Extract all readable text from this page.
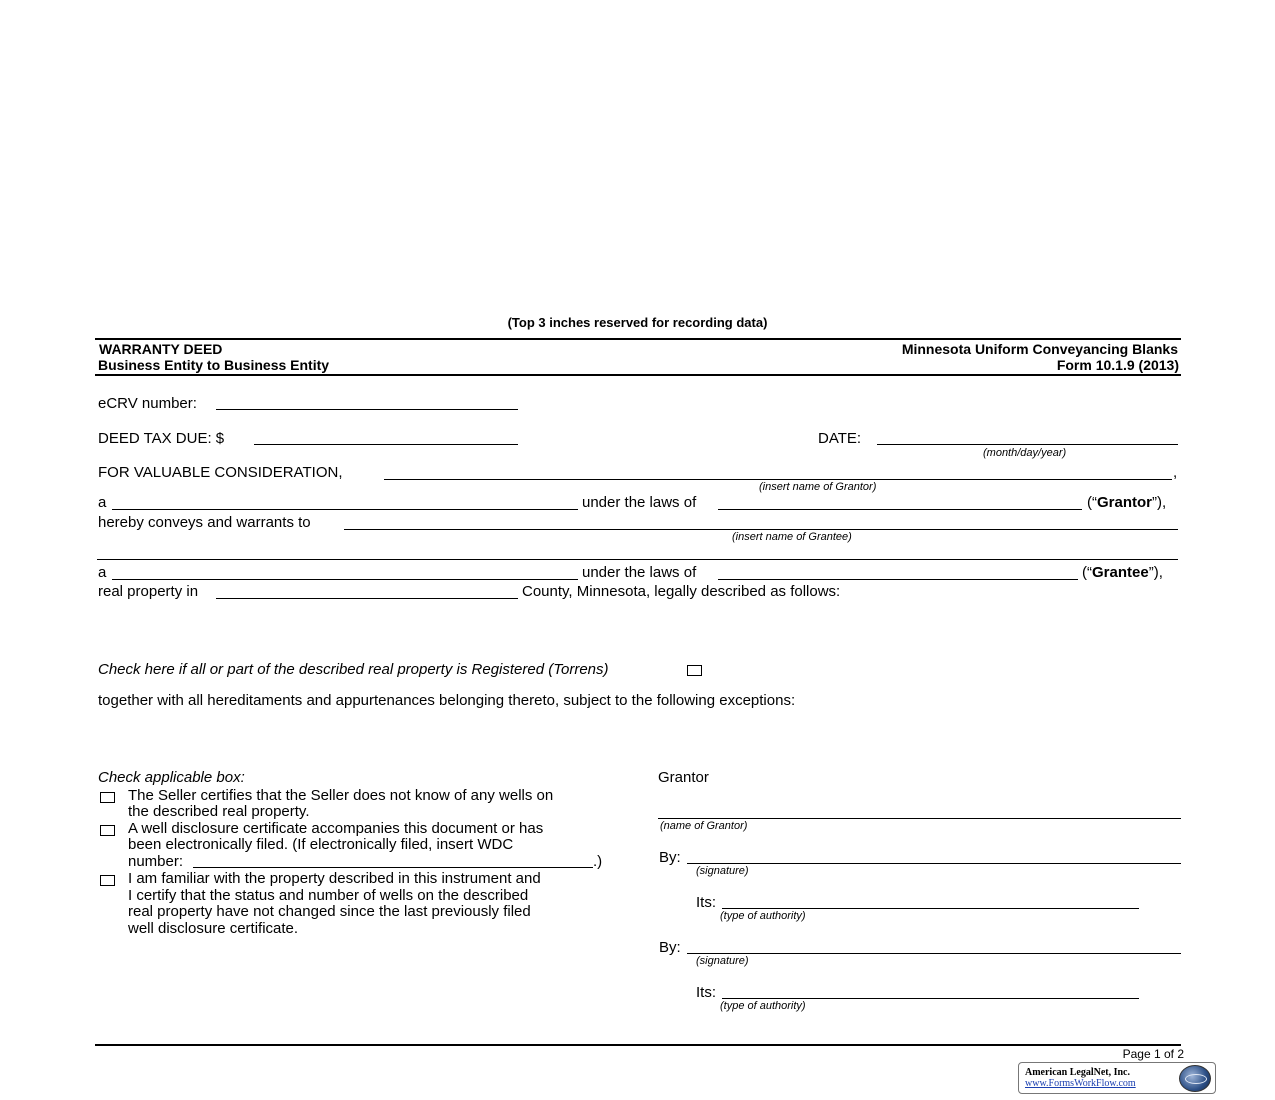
(Top 3 inches reserved for recording data)
WARRANTY DEED
Business Entity to Business Entity
Minnesota Uniform Conveyancing Blanks
Form 10.1.9 (2013)
eCRV number:
DEED TAX DUE: $	DATE:
(month/day/year)
FOR VALUABLE CONSIDERATION,	,
(insert name of Grantor)
a	under the laws of	(“Grantor”),
hereby conveys and warrants to
(insert name of Grantee)
a	under the laws of	(“Grantee”),
real property in	County, Minnesota, legally described as follows:
Check here if all or part of the described real property is Registered (Torrens)
together with all hereditaments and appurtenances belonging thereto, subject to the following exceptions:
Check applicable box:
The Seller certifies that the Seller does not know of any wells on
the described real property.
A well disclosure certificate accompanies this document or has
been electronically filed. (If electronically filed, insert WDC
number:	.)
I am familiar with the property described in this instrument and
I certify that the status and number of wells on the described
real property have not changed since the last previously filed
well disclosure certificate.
Grantor
(name of Grantor)
By:
(signature)
Its:
(type of authority)
By:
(signature)
Its:
(type of authority)
Page 1 of 2
American LegalNet, Inc.
www.FormsWorkFlow.com
